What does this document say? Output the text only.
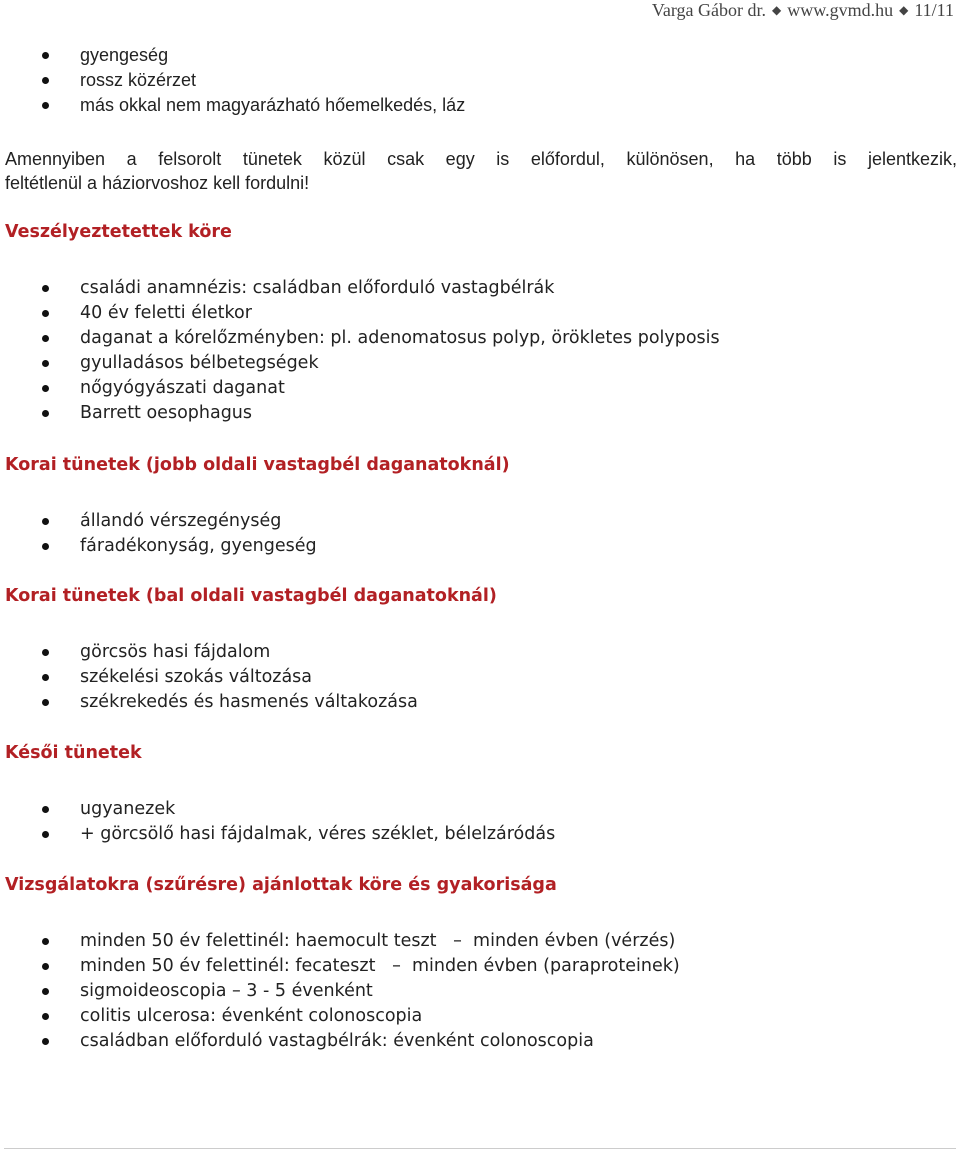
Varga Gábor dr. ◆ www.gvmd.hu ◆ 11/11
gyengeség
rossz közérzet
más okkal nem magyarázható hőemelkedés, láz
Amennyiben a felsorolt tünetek közül csak egy is előfordul, különösen, ha több is jelentkezik,
feltétlenül a háziorvoshoz kell fordulni!
Veszélyeztetettek köre
családi anamnézis: családban előforduló vastagbélrák
40 év feletti életkor
daganat a kórelőzményben: pl. adenomatosus polyp, örökletes polyposis
gyulladásos bélbetegségek
nőgyógyászati daganat
Barrett oesophagus
Korai tünetek (jobb oldali vastagbél daganatoknál)
állandó vérszegénység
fáradékonyság, gyengeség
Korai tünetek (bal oldali vastagbél daganatoknál)
görcsös hasi fájdalom
székelési szokás változása
székrekedés és hasmenés váltakozása
Késői tünetek
ugyanezek
+ görcsölő hasi fájdalmak, véres széklet, bélelzáródás
Vizsgálatokra (szűrésre) ajánlottak köre és gyakorisága
minden 50 év felettinél: haemocult teszt   –  minden évben (vérzés)
minden 50 év felettinél: fecateszt   –  minden évben (paraproteinek)
sigmoideoscopia – 3 - 5 évenként
colitis ulcerosa: évenként colonoscopia
családban előforduló vastagbélrák: évenként colonoscopia
